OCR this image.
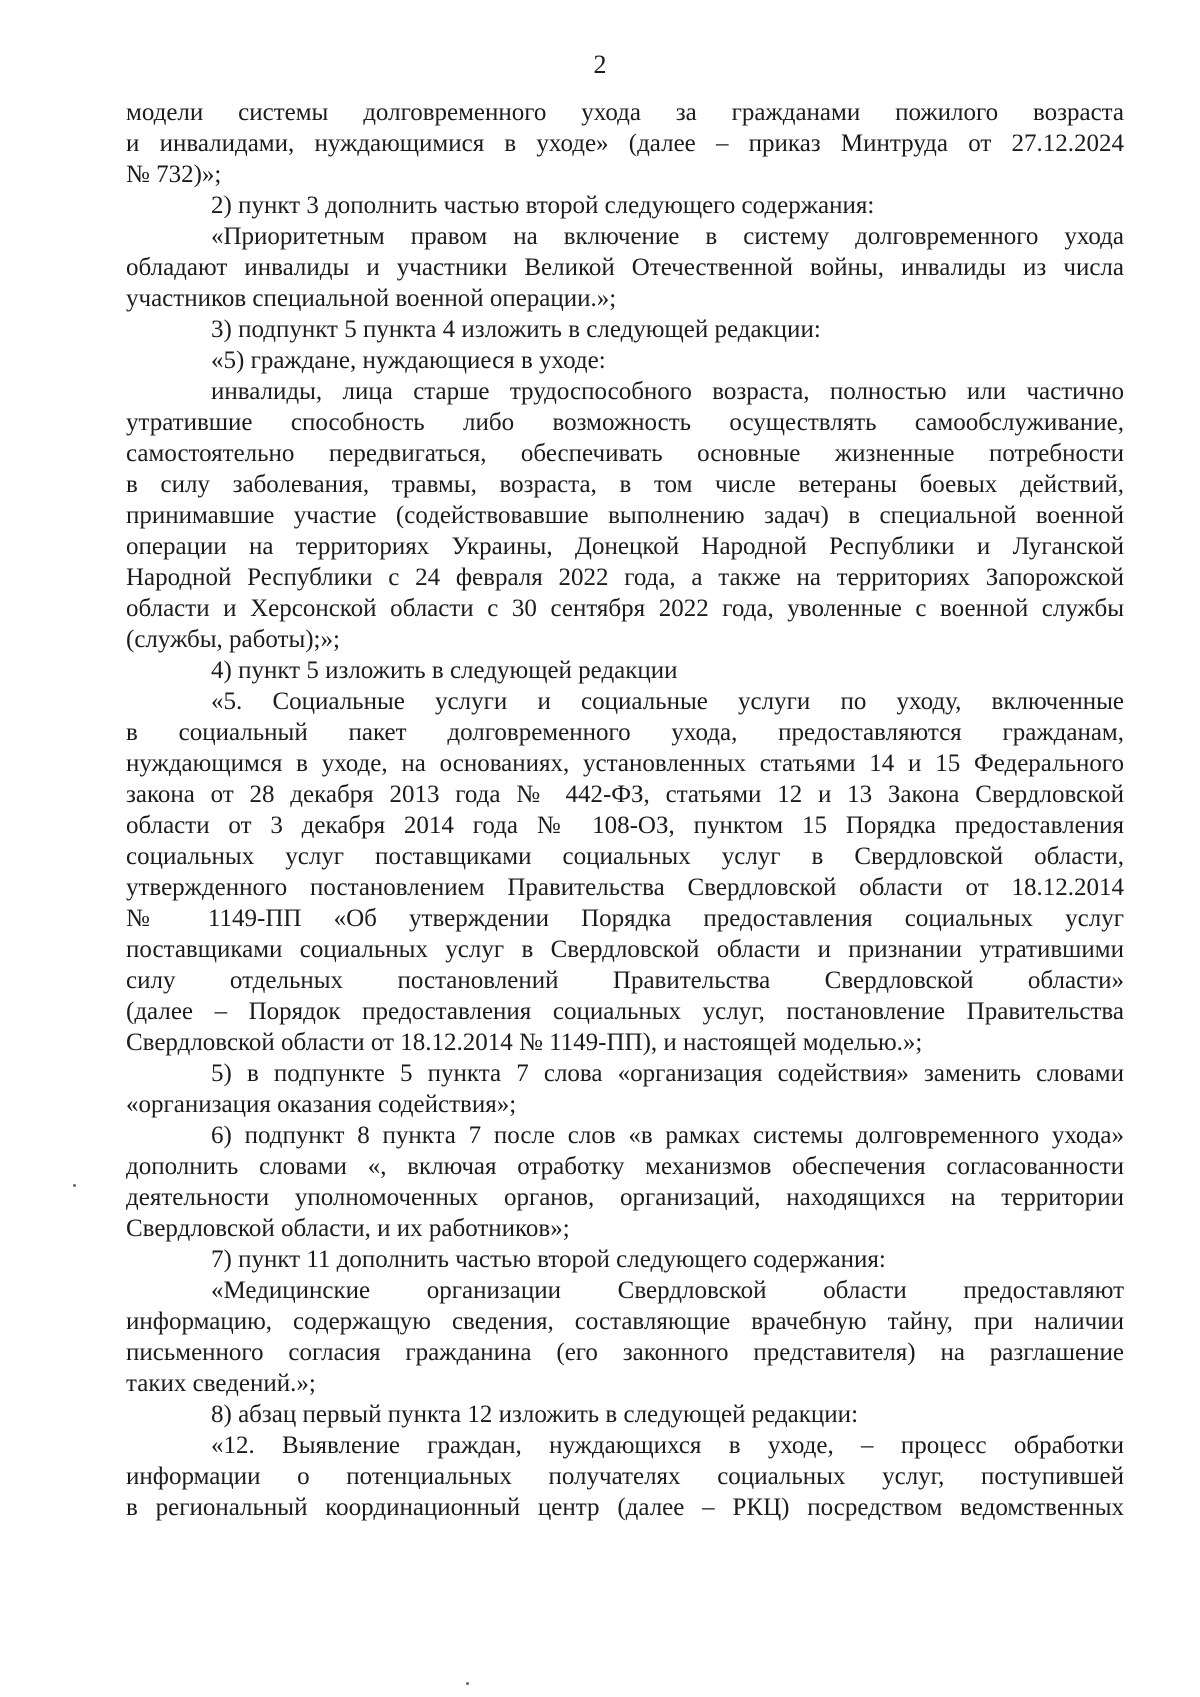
2
модели системы долговременного ухода за гражданами пожилого возраста
и инвалидами, нуждающимися в уходе» (далее – приказ Минтруда от 27.12.2024
№ 732)»;
2) пункт 3 дополнить частью второй следующего содержания:
«Приоритетным правом на включение в систему долговременного ухода
обладают инвалиды и участники Великой Отечественной войны, инвалиды из числа
участников специальной военной операции.»;
3) подпункт 5 пункта 4 изложить в следующей редакции:
«5) граждане, нуждающиеся в уходе:
инвалиды, лица старше трудоспособного возраста, полностью или частично
утратившие способность либо возможность осуществлять самообслуживание,
самостоятельно передвигаться, обеспечивать основные жизненные потребности
в силу заболевания, травмы, возраста, в том числе ветераны боевых действий,
принимавшие участие (содействовавшие выполнению задач) в специальной военной
операции на территориях Украины, Донецкой Народной Республики и Луганской
Народной Республики с 24 февраля 2022 года, а также на территориях Запорожской
области и Херсонской области с 30 сентября 2022 года, уволенные с военной службы
(службы, работы);»;
4) пункт 5 изложить в следующей редакции
«5. Социальные услуги и социальные услуги по уходу, включенные
в социальный пакет долговременного ухода, предоставляются гражданам,
нуждающимся в уходе, на основаниях, установленных статьями 14 и 15 Федерального
закона от 28 декабря 2013 года № 442-ФЗ, статьями 12 и 13 Закона Свердловской
области от 3 декабря 2014 года № 108-ОЗ, пунктом 15 Порядка предоставления
социальных услуг поставщиками социальных услуг в Свердловской области,
утвержденного постановлением Правительства Свердловской области от 18.12.2014
№ 1149-ПП «Об утверждении Порядка предоставления социальных услуг
поставщиками социальных услуг в Свердловской области и признании утратившими
силу отдельных постановлений Правительства Свердловской области»
(далее – Порядок предоставления социальных услуг, постановление Правительства
Свердловской области от 18.12.2014 № 1149-ПП), и настоящей моделью.»;
5) в подпункте 5 пункта 7 слова «организация содействия» заменить словами
«организация оказания содействия»;
6) подпункт 8 пункта 7 после слов «в рамках системы долговременного ухода»
дополнить словами «, включая отработку механизмов обеспечения согласованности
деятельности уполномоченных органов, организаций, находящихся на территории
Свердловской области, и их работников»;
7) пункт 11 дополнить частью второй следующего содержания:
«Медицинские организации Свердловской области предоставляют
информацию, содержащую сведения, составляющие врачебную тайну, при наличии
письменного согласия гражданина (его законного представителя) на разглашение
таких сведений.»;
8) абзац первый пункта 12 изложить в следующей редакции:
«12. Выявление граждан, нуждающихся в уходе, – процесс обработки
информации о потенциальных получателях социальных услуг, поступившей
в региональный координационный центр (далее – РКЦ) посредством ведомственных
